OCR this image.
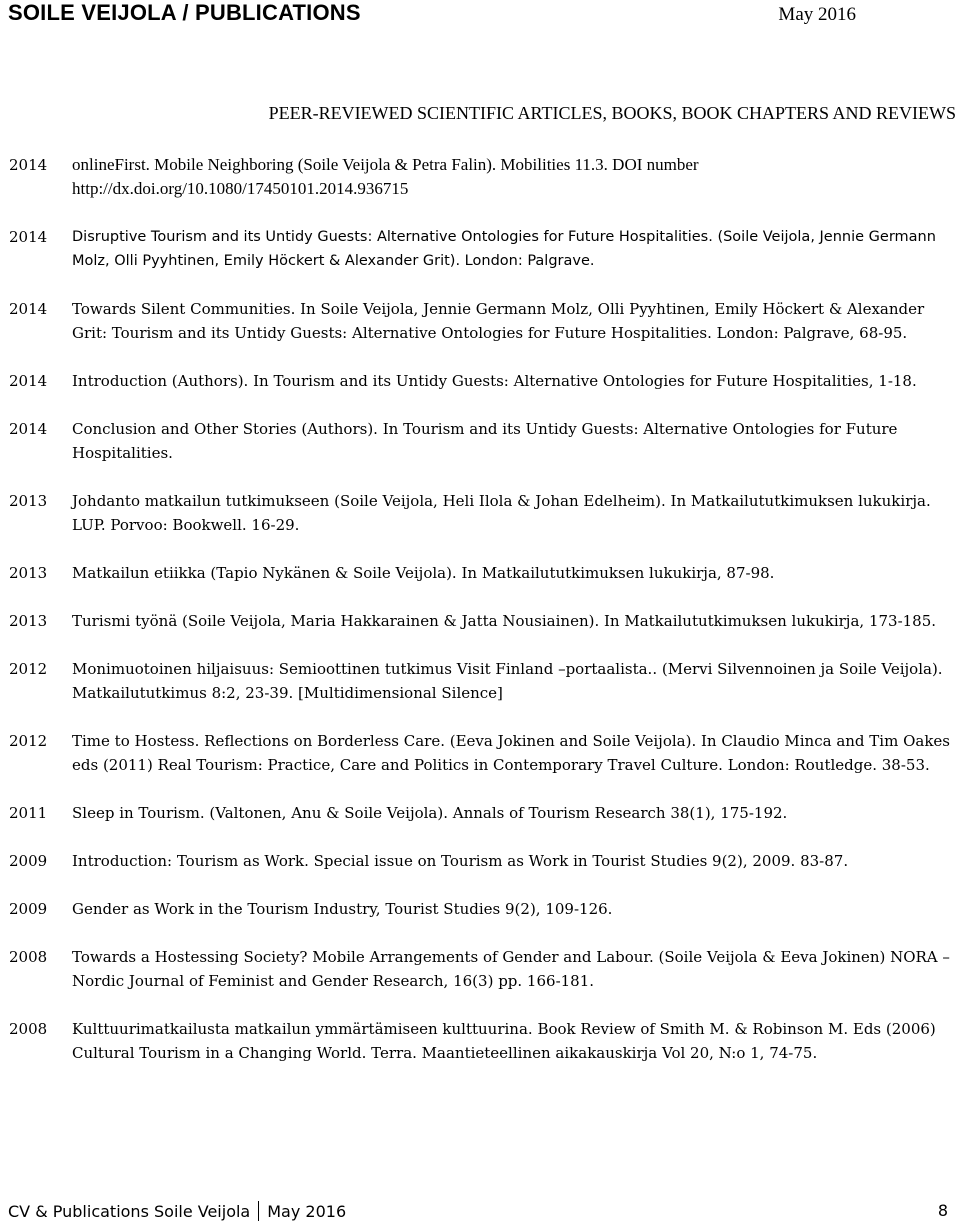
SOILE VEIJOLA / PUBLICATIONS	May 2016
PEER-REVIEWED SCIENTIFIC ARTICLES, BOOKS, BOOK CHAPTERS AND REVIEWS
2014 onlineFirst. Mobile Neighboring (Soile Veijola & Petra Falin). Mobilities 11.3. DOI number http://dx.doi.org/10.1080/17450101.2014.936715
2014 Disruptive Tourism and its Untidy Guests: Alternative Ontologies for Future Hospitalities. (Soile Veijola, Jennie Germann Molz, Olli Pyyhtinen, Emily Höckert & Alexander Grit). London: Palgrave.
2014 Towards Silent Communities. In Soile Veijola, Jennie Germann Molz, Olli Pyyhtinen, Emily Höckert & Alexander Grit: Tourism and its Untidy Guests: Alternative Ontologies for Future Hospitalities. London: Palgrave, 68-95.
2014 Introduction (Authors). In Tourism and its Untidy Guests: Alternative Ontologies for Future Hospitalities, 1-18.
2014 Conclusion and Other Stories (Authors). In Tourism and its Untidy Guests: Alternative Ontologies for Future Hospitalities.
2013 Johdanto matkailun tutkimukseen (Soile Veijola, Heli Ilola & Johan Edelheim). In Matkailututkimuksen lukukirja. LUP. Porvoo: Bookwell. 16-29.
2013 Matkailun etiikka (Tapio Nykänen & Soile Veijola). In Matkailututkimuksen lukukirja, 87-98.
2013 Turismi työnä (Soile Veijola, Maria Hakkarainen & Jatta Nousiainen). In Matkailututkimuksen lukukirja, 173-185.
2012 Monimuotoinen hiljaisuus: Semioottinen tutkimus Visit Finland –portaalista.. (Mervi Silvennoinen ja Soile Veijola). Matkailututkimus 8:2, 23-39. [Multidimensional Silence]
2012 Time to Hostess. Reflections on Borderless Care. (Eeva Jokinen and Soile Veijola). In Claudio Minca and Tim Oakes eds (2011) Real Tourism: Practice, Care and Politics in Contemporary Travel Culture. London: Routledge. 38-53.
2011 Sleep in Tourism. (Valtonen, Anu & Soile Veijola). Annals of Tourism Research 38(1), 175-192.
2009 Introduction: Tourism as Work. Special issue on Tourism as Work in Tourist Studies 9(2), 2009. 83-87.
2009 Gender as Work in the Tourism Industry, Tourist Studies 9(2), 109-126.
2008 Towards a Hostessing Society? Mobile Arrangements of Gender and Labour. (Soile Veijola & Eeva Jokinen) NORA – Nordic Journal of Feminist and Gender Research, 16(3) pp. 166-181.
2008 Kulttuurimatkailusta matkailun ymmärtämiseen kulttuurina. Book Review of Smith M. & Robinson M. Eds (2006) Cultural Tourism in a Changing World. Terra. Maantieteellinen aikakauskirja Vol 20, N:o 1, 74-75.
CV & Publications Soile Veijola May 2016	8
